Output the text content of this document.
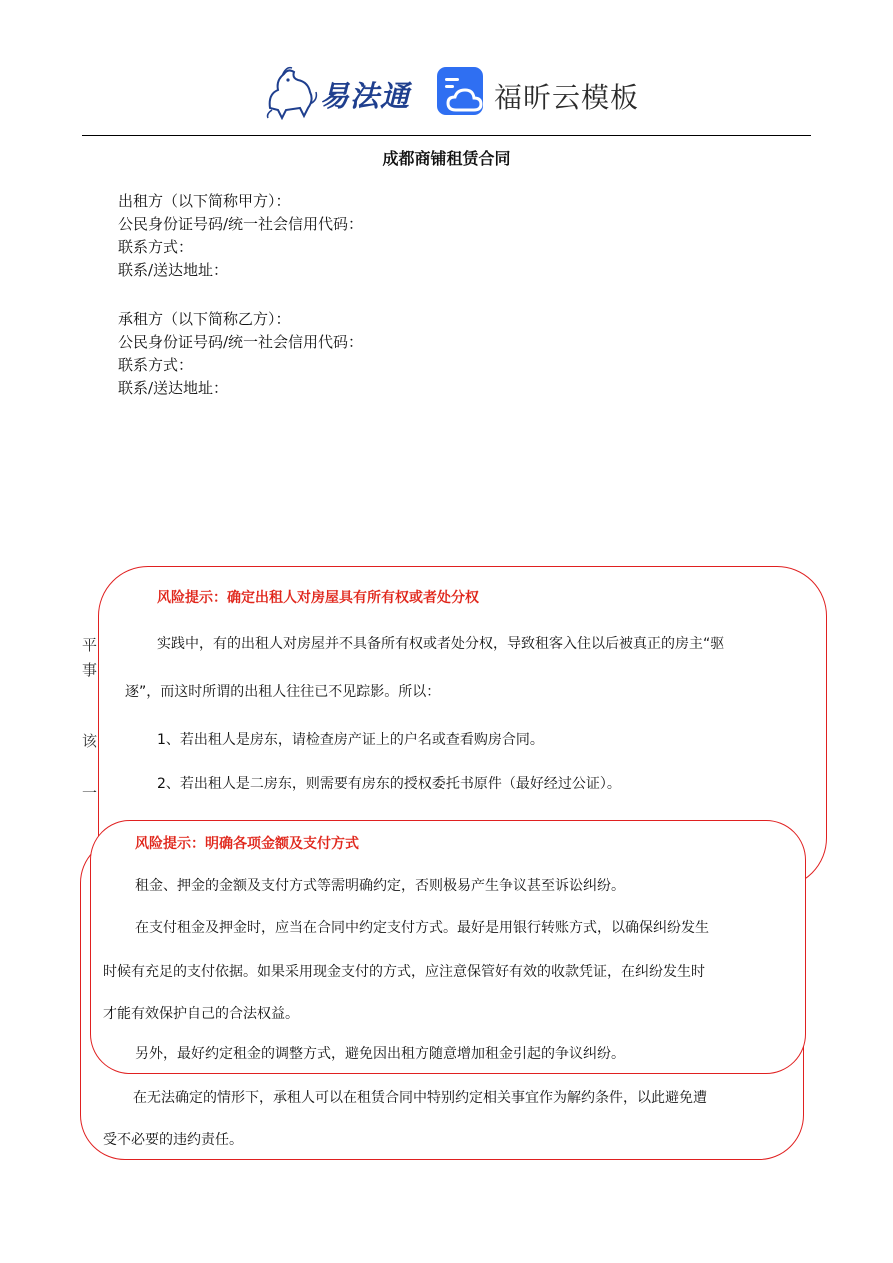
易法通	福昕云模板
成都商铺租赁合同
出租方（以下简称甲方）：
公民身份证号码/统一社会信用代码：
联系方式：
联系/送达地址：
承租方（以下简称乙方）：
公民身份证号码/统一社会信用代码：
联系方式：
联系/送达地址：
平
事
该
一
在无法确定的情形下，承租人可以在租赁合同中特别约定相关事宜作为解约条件，以此避免遭
受不必要的违约责任。
风险提示：确定出租人对房屋具有所有权或者处分权
实践中，有的出租人对房屋并不具备所有权或者处分权，导致租客入住以后被真正的房主“驱
逐”，而这时所谓的出租人往往已不见踪影。所以：
1、若出租人是房东，请检查房产证上的户名或查看购房合同。
2、若出租人是二房东，则需要有房东的授权委托书原件（最好经过公证）。
风险提示：明确各项金额及支付方式
租金、押金的金额及支付方式等需明确约定，否则极易产生争议甚至诉讼纠纷。
在支付租金及押金时，应当在合同中约定支付方式。最好是用银行转账方式，以确保纠纷发生
时候有充足的支付依据。如果采用现金支付的方式，应注意保管好有效的收款凭证，在纠纷发生时
才能有效保护自己的合法权益。
另外，最好约定租金的调整方式，避免因出租方随意增加租金引起的争议纠纷。
